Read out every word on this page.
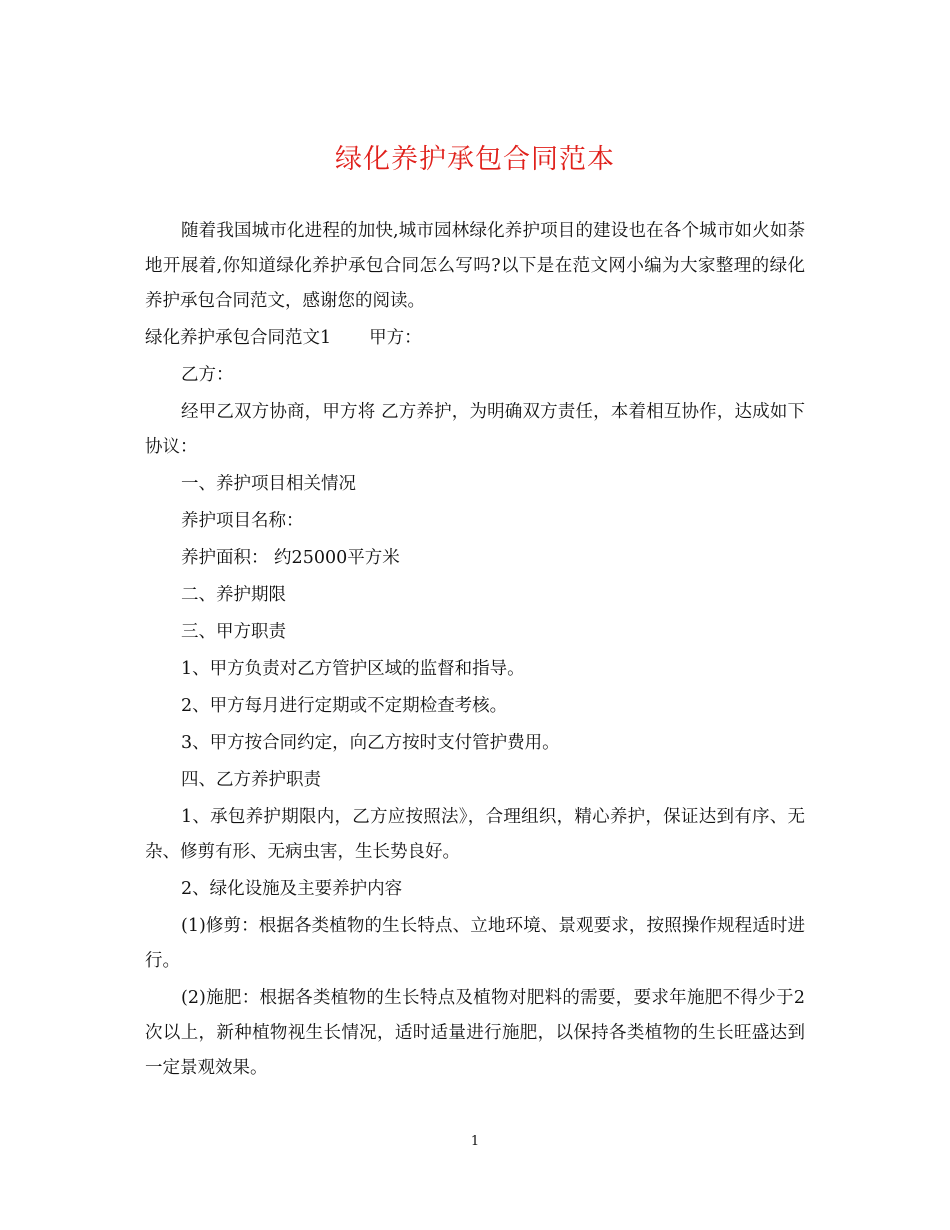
绿化养护承包合同范本

随着我国城市化进程的加快,城市园林绿化养护项目的建设也在各个城市如火如荼地开展着,你知道绿化养护承包合同怎么写吗?以下是在范文网小编为大家整理的绿化养护承包合同范文，感谢您的阅读。

绿化养护承包合同范文1 甲方：

乙方：

经甲乙双方协商，甲方将 乙方养护，为明确双方责任，本着相互协作，达成如下协议：

一、养护项目相关情况

养护项目名称：

养护面积： 约25000平方米

二、养护期限

三、甲方职责

1、甲方负责对乙方管护区域的监督和指导。

2、甲方每月进行定期或不定期检查考核。

3、甲方按合同约定，向乙方按时支付管护费用。

四、乙方养护职责

1、承包养护期限内，乙方应按照法》，合理组织，精心养护，保证达到有序、无杂、修剪有形、无病虫害，生长势良好。

2、绿化设施及主要养护内容

(1)修剪：根据各类植物的生长特点、立地环境、景观要求，按照操作规程适时进行。

(2)施肥：根据各类植物的生长特点及植物对肥料的需要，要求年施肥不得少于2次以上，新种植物视生长情况，适时适量进行施肥，以保持各类植物的生长旺盛达到一定景观效果。

1
